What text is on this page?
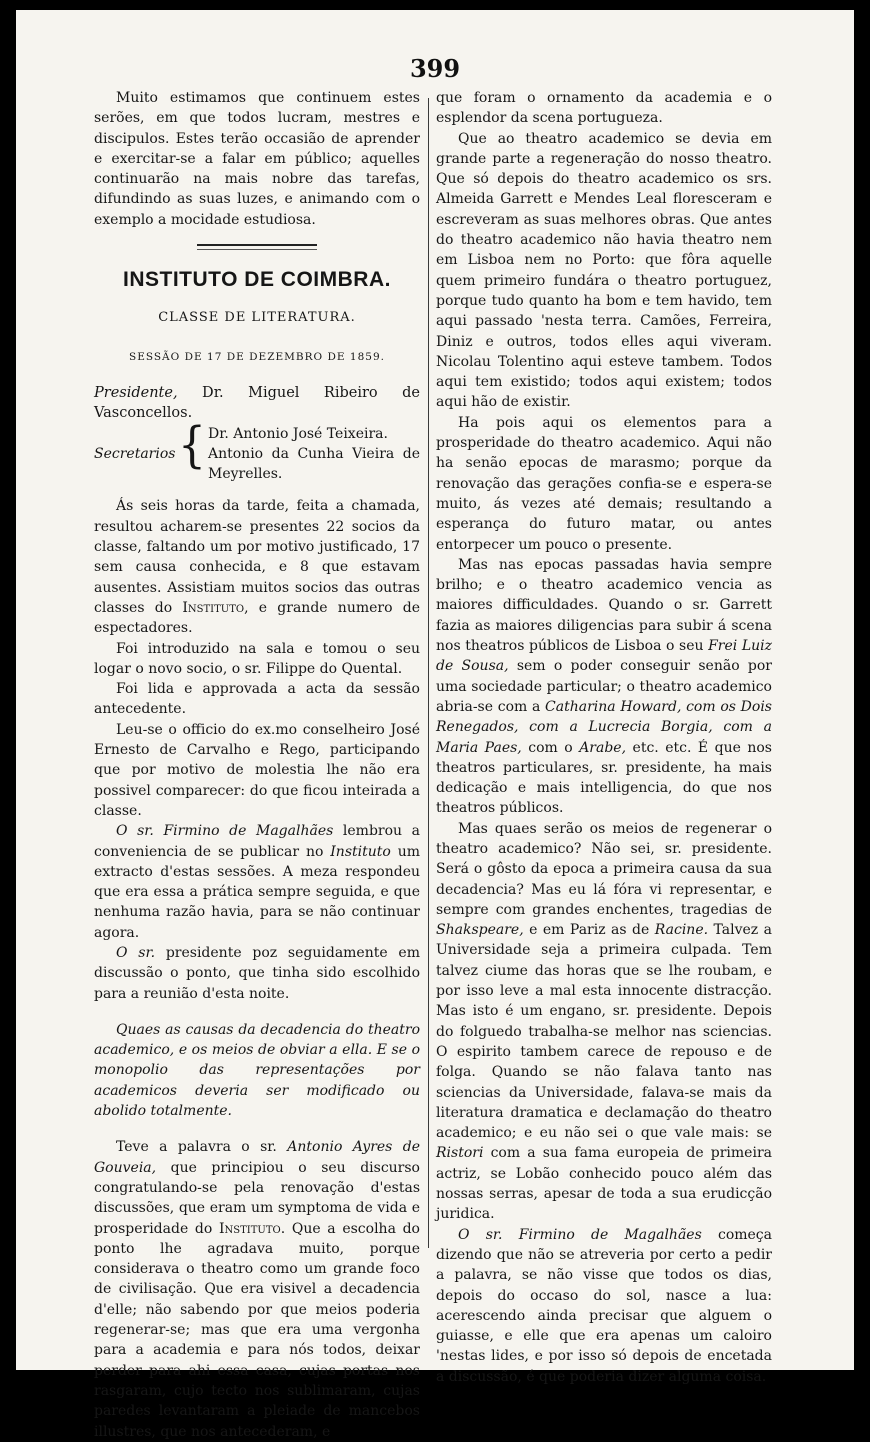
399

Muito estimamos que continuem estes serões, em que todos lucram, mestres e discipulos. Estes terão occasião de aprender e exercitar-se a falar em público; aquelles continuarão na mais nobre das tarefas, difundindo as suas luzes, e animando com o exemplo a mocidade estudiosa.

INSTITUTO DE COIMBRA.
CLASSE DE LITERATURA.
SESSÃO DE 17 DE DEZEMBRO DE 1859.

Presidente, Dr. Miguel Ribeiro de Vasconcellos.

Secretarios { Dr. Antonio José Teixeira.
Antonio da Cunha Vieira de Meyrelles.

Ás seis horas da tarde, feita a chamada, resultou acharem-se presentes 22 socios da classe, faltando um por motivo justificado, 17 sem causa conhecida, e 8 que estavam ausentes. Assistiam muitos socios das outras classes do Instituto, e grande numero de espectadores.

Foi introduzido na sala e tomou o seu logar o novo socio, o sr. Filippe do Quental.

Foi lida e approvada a acta da sessão antecedente.

Leu-se o officio do ex.mo conselheiro José Ernesto de Carvalho e Rego, participando que por motivo de molestia lhe não era possivel comparecer: do que ficou inteirada a classe.

O sr. Firmino de Magalhães lembrou a conveniencia de se publicar no Instituto um extracto d'estas sessões. A meza respondeu que era essa a prática sempre seguida, e que nenhuma razão havia, para se não continuar agora.

O sr. presidente poz seguidamente em discussão o ponto, que tinha sido escolhido para a reunião d'esta noite.

Quaes as causas da decadencia do theatro academico, e os meios de obviar a ella. E se o monopolio das representações por academicos deveria ser modificado ou abolido totalmente.

Teve a palavra o sr. Antonio Ayres de Gouveia, que principiou o seu discurso congratulando-se pela renovação d'estas discussões, que eram um symptoma de vida e prosperidade do Instituto. Que a escolha do ponto lhe agradava muito, porque considerava o theatro como um grande foco de civilisação. Que era visivel a decadencia d'elle; não sabendo por que meios poderia regenerar-se; mas que era uma vergonha para a academia e para nós todos, deixar perder para ahi essa casa, cujas portas nos rasgaram, cujo tecto nos sublimaram, cujas paredes levantaram a pleiade de mancebos illustres, que nos antecederam, e

que foram o ornamento da academia e o esplendor da scena portugueza.

Que ao theatro academico se devia em grande parte a regeneração do nosso theatro. Que só depois do theatro academico os srs. Almeida Garrett e Mendes Leal floresceram e escreveram as suas melhores obras. Que antes do theatro academico não havia theatro nem em Lisboa nem no Porto: que fôra aquelle quem primeiro fundára o theatro portuguez, porque tudo quanto ha bom e tem havido, tem aqui passado 'nesta terra. Camões, Ferreira, Diniz e outros, todos elles aqui viveram. Nicolau Tolentino aqui esteve tambem. Todos aqui tem existido; todos aqui existem; todos aqui hão de existir.

Ha pois aqui os elementos para a prosperidade do theatro academico. Aqui não ha senão epocas de marasmo; porque da renovação das gerações confia-se e espera-se muito, ás vezes até demais; resultando a esperança do futuro matar, ou antes entorpecer um pouco o presente.

Mas nas epocas passadas havia sempre brilho; e o theatro academico vencia as maiores difficuldades. Quando o sr. Garrett fazia as maiores diligencias para subir á scena nos theatros públicos de Lisboa o seu Frei Luiz de Sousa, sem o poder conseguir senão por uma sociedade particular; o theatro academico abria-se com a Catharina Howard, com os Dois Renegados, com a Lucrecia Borgia, com a Maria Paes, com o Arabe, etc. etc. É que nos theatros particulares, sr. presidente, ha mais dedicação e mais intelligencia, do que nos theatros públicos.

Mas quaes serão os meios de regenerar o theatro academico? Não sei, sr. presidente. Será o gôsto da epoca a primeira causa da sua decadencia? Mas eu lá fóra vi representar, e sempre com grandes enchentes, tragedias de Shakspeare, e em Pariz as de Racine. Talvez a Universidade seja a primeira culpada. Tem talvez ciume das horas que se lhe roubam, e por isso leve a mal esta innocente distracção. Mas isto é um engano, sr. presidente. Depois do folguedo trabalha-se melhor nas sciencias. O espirito tambem carece de repouso e de folga. Quando se não falava tanto nas sciencias da Universidade, falava-se mais da literatura dramatica e declamação do theatro academico; e eu não sei o que vale mais: se Ristori com a sua fama europeia de primeira actriz, se Lobão conhecido pouco além das nossas serras, apesar de toda a sua erudicção juridica.

O sr. Firmino de Magalhães começa dizendo que não se atreveria por certo a pedir a palavra, se não visse que todos os dias, depois do occaso do sol, nasce a lua: acerescendo ainda precisar que alguem o guiasse, e elle que era apenas um caloiro 'nestas lides, e por isso só depois de encetada a discussão, é que poderia dizer alguma coisa.
